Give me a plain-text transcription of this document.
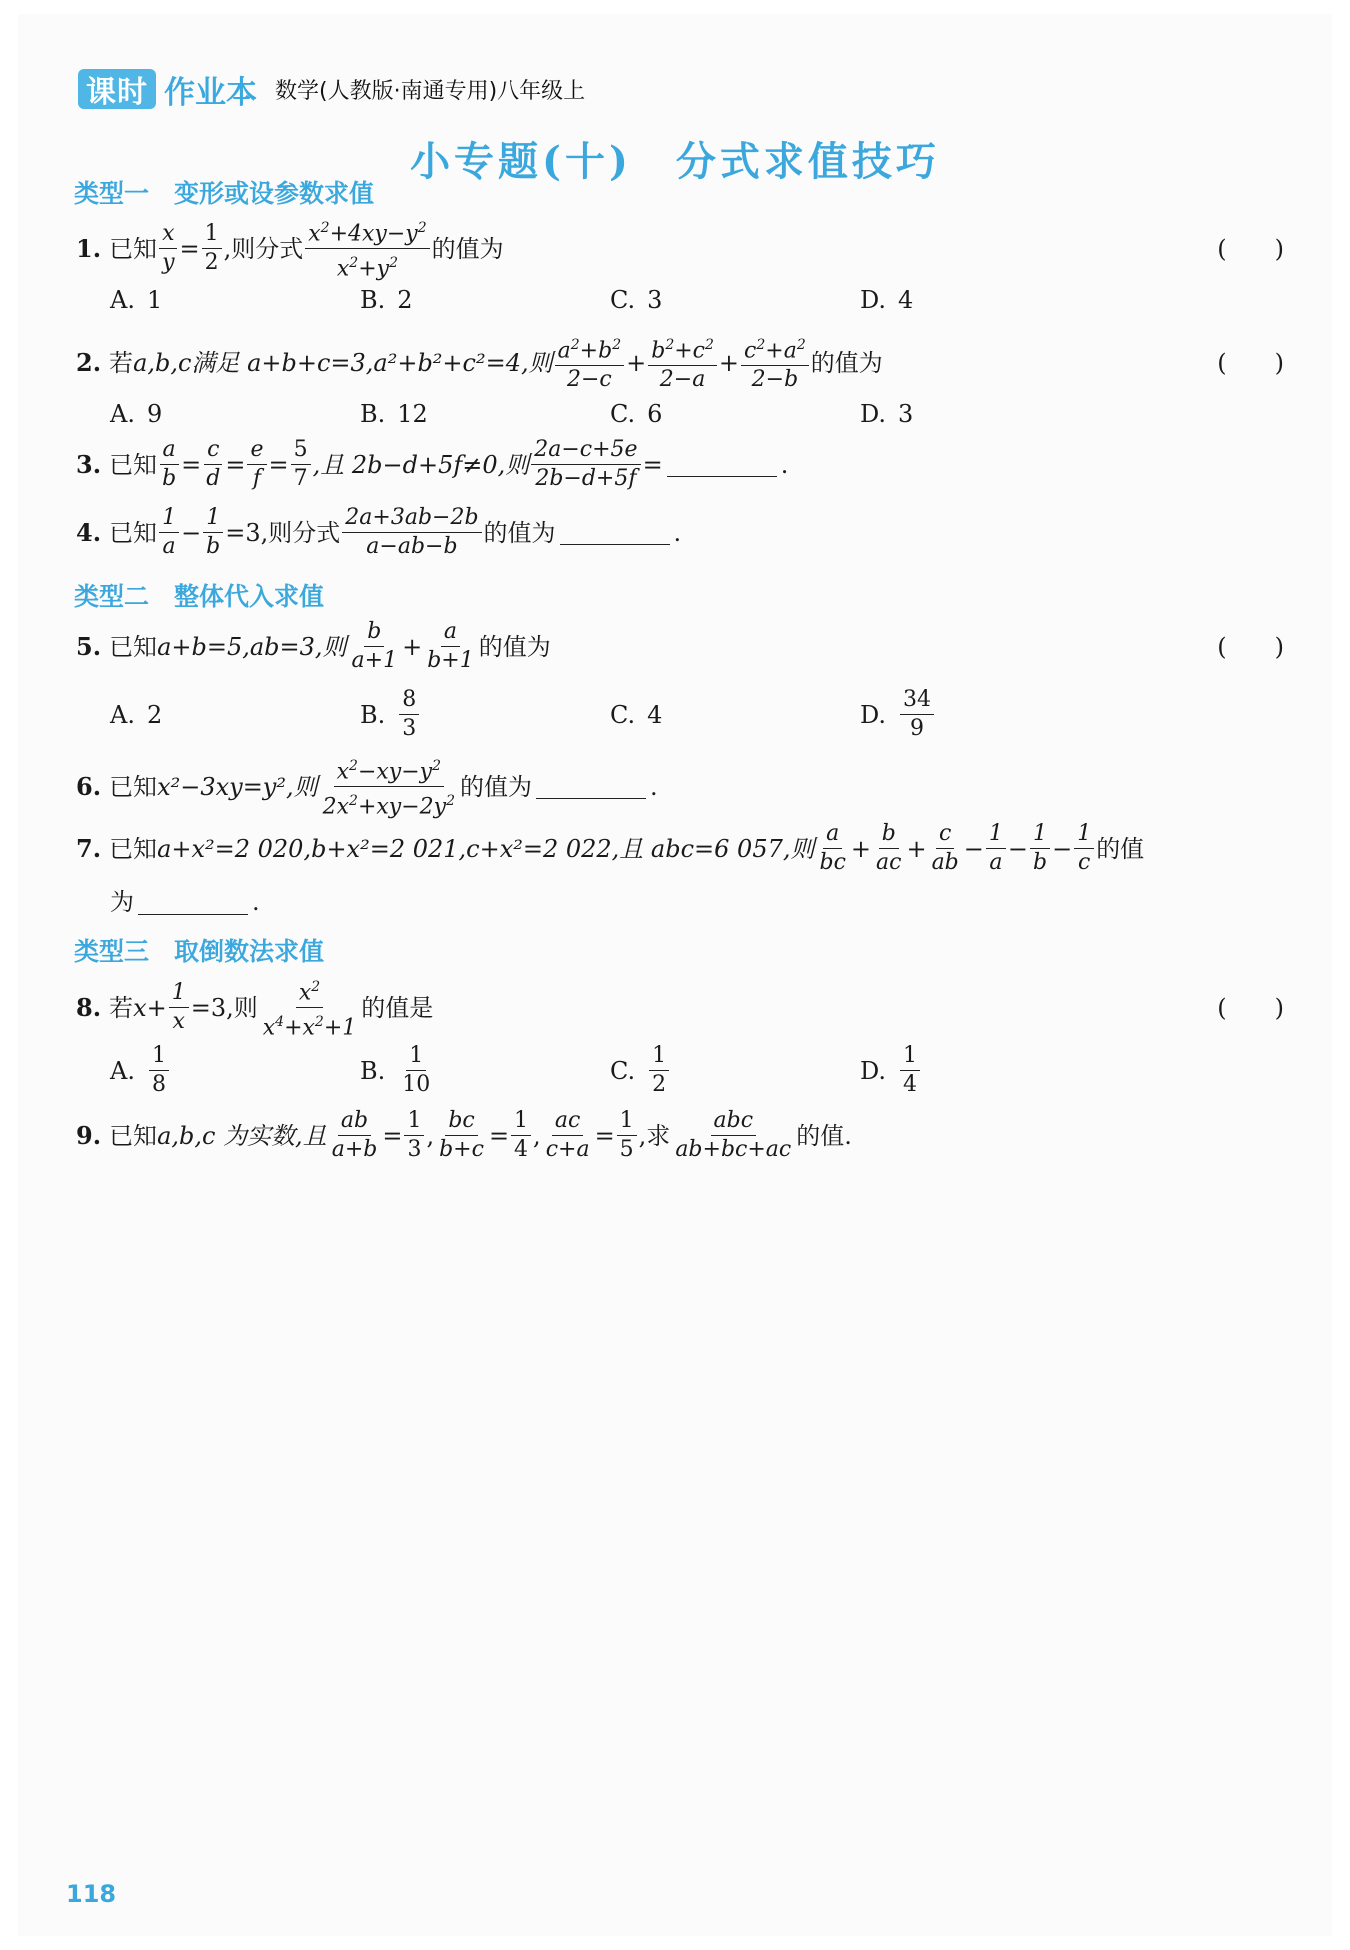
课时 作业本 数学(人教版·南通专用)八年级上
小专题(十)　分式求值技巧
类型一　变形或设参数求值
1. 已知 $\frac{x}{y} = \frac{1}{2}$ ,则分式 $\frac{x^2+4xy-y^2}{x^2+y^2}$ 的值为	(　　)
A. 1	B. 2	C. 3	D. 4
2. 若 a,b,c 满足 a+b+c=3,a²+b²+c²=4,则 $\frac{a^2+b^2}{2-c} + \frac{b^2+c^2}{2-a} + \frac{c^2+a^2}{2-b}$ 的值为	(　　)
A. 9	B. 12	C. 6	D. 3
3. 已知 $\frac{a}{b} = \frac{c}{d} = \frac{e}{f} = \frac{5}{7}$ ,且 2b−d+5f≠0,则 $\frac{2a-c+5e}{2b-d+5f}$ =	.
4. 已知 $\frac{1}{a} - \frac{1}{b} =3$,则分式 $\frac{2a+3ab-2b}{a-ab-b}$ 的值为	.
类型二　整体代入求值
5. 已知 a+b=5,ab=3,则 $\frac{b}{a+1} + \frac{a}{b+1}$ 的值为	(　　)
A. 2	B. $\frac{8}{3}$	C. 4	D. $\frac{34}{9}$
6. 已知 x²−3xy=y²,则 $\frac{x^2-xy-y^2}{2x^2+xy-2y^2}$ 的值为	.
7. 已知 a+x²=2 020,b+x²=2 021,c+x²=2 022,且 abc=6 057,则 $\frac{a}{bc} + \frac{b}{ac} + \frac{c}{ab} - \frac{1}{a} - \frac{1}{b} - \frac{1}{c}$ 的值
为	.
类型三　取倒数法求值
8. 若 $x+ \frac{1}{x} =3$,则 $\frac{x^2}{x^4+x^2+1}$ 的值是	(　　)
A. $\frac{1}{8}$	B. $\frac{1}{10}$	C. $\frac{1}{2}$	D. $\frac{1}{4}$
9. 已知 a,b,c 为实数,且 $\frac{ab}{a+b} = \frac{1}{3}$ , $\frac{bc}{b+c} = \frac{1}{4}$ , $\frac{ac}{c+a} = \frac{1}{5}$ ,求 $\frac{\text{abc}}{ab+bc+ac}$ 的值.
118
